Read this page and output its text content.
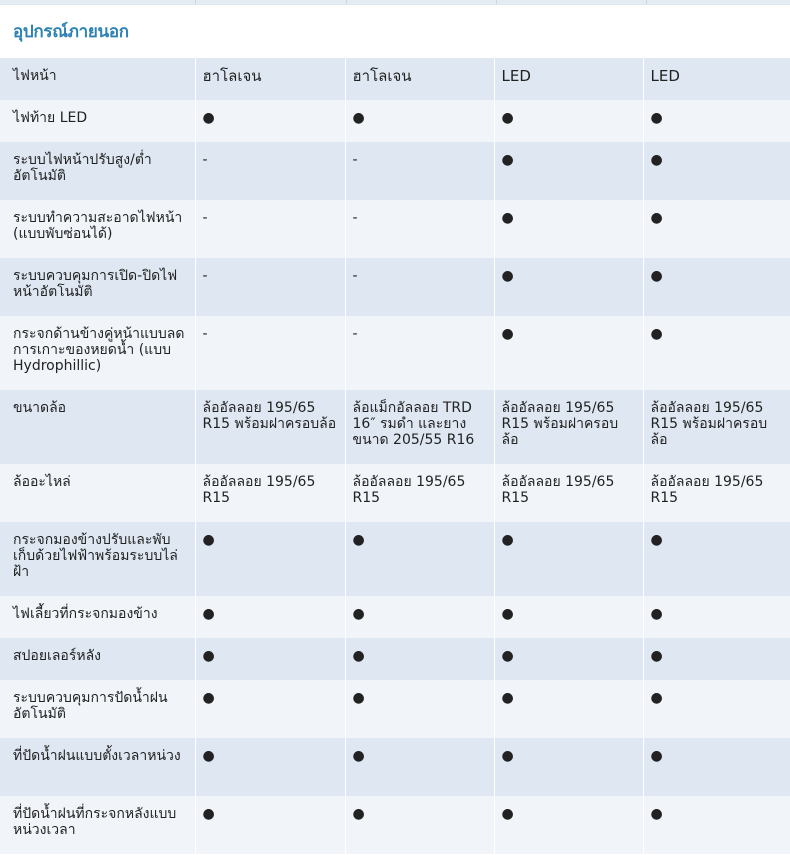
อุปกรณ์ภายนอก
ไฟหน้า	ฮาโลเจน	ฮาโลเจน	LED	LED
ไฟท้าย LED	●	●	●	●
ระบบไฟหน้าปรับสูง/ต่ำอัตโนมัติ	-	-	●	●
ระบบทำความสะอาดไฟหน้า (แบบพับซ่อนได้)	-	-	●	●
ระบบควบคุมการเปิด-ปิดไฟหน้าอัตโนมัติ	-	-	●	●
กระจกด้านข้างคู่หน้าแบบลดการเกาะของหยดน้ำ (แบบ Hydrophillic)	-	-	●	●
ขนาดล้อ	ล้ออัลลอย 195/65 R15 พร้อมฝาครอบล้อ	ล้อแม็กอัลลอย TRD 16″ รมดำ และยางขนาด 205/55 R16	ล้ออัลลอย 195/65 R15 พร้อมฝาครอบล้อ	ล้ออัลลอย 195/65 R15 พร้อมฝาครอบล้อ
ล้ออะไหล่	ล้ออัลลอย 195/65 R15	ล้ออัลลอย 195/65 R15	ล้ออัลลอย 195/65 R15	ล้ออัลลอย 195/65 R15
กระจกมองข้างปรับและพับเก็บด้วยไฟฟ้าพร้อมระบบไล่ฝ้า	●	●	●	●
ไฟเลี้ยวที่กระจกมองข้าง	●	●	●	●
สปอยเลอร์หลัง	●	●	●	●
ระบบควบคุมการปัดน้ำฝนอัตโนมัติ	●	●	●	●
ที่ปัดน้ำฝนแบบตั้งเวลาหน่วง	●	●	●	●
ที่ปัดน้ำฝนที่กระจกหลังแบบหน่วงเวลา	●	●	●	●
